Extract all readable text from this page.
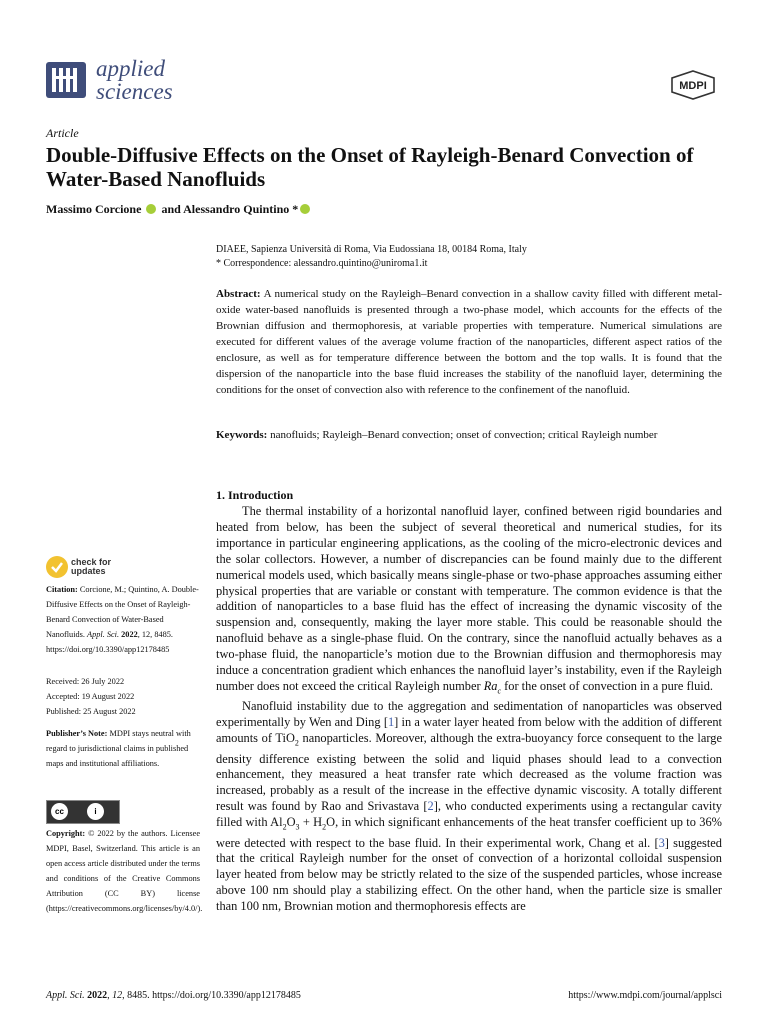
applied
sciences	MDPI
Article
Double-Diffusive Effects on the Onset of Rayleigh-Benard Convection of Water-Based Nanofluids
Massimo Corcione and Alessandro Quintino *
DIAEE, Sapienza Università di Roma, Via Eudossiana 18, 00184 Roma, Italy
* Correspondence: alessandro.quintino@uniroma1.it
Abstract: A numerical study on the Rayleigh–Benard convection in a shallow cavity filled with different metal-oxide water-based nanofluids is presented through a two-phase model, which accounts for the effects of the Brownian diffusion and thermophoresis, at variable properties with temperature. Numerical simulations are executed for different values of the average volume fraction of the nanoparticles, different aspect ratios of the enclosure, as well as for temperature difference between the bottom and the top walls. It is found that the dispersion of the nanoparticle into the base fluid increases the stability of the nanofluid layer, determining the conditions for the onset of convection also with reference to the confinement of the nanofluid.
Keywords: nanofluids; Rayleigh–Benard convection; onset of convection; critical Rayleigh number
1. Introduction

The thermal instability of a horizontal nanofluid layer, confined between rigid boundaries and heated from below, has been the subject of several theoretical and numerical studies, for its importance in particular engineering applications, as the cooling of the micro-electronic devices and the solar collectors. However, a number of discrepancies can be found mainly due to the different numerical models used, which basically means single-phase or two-phase approaches assuming either physical properties that are variable or constant with temperature. The common evidence is that the addition of nanoparticles to a base fluid has the effect of increasing the dynamic viscosity of the suspension and, consequently, making the layer more stable. This could be reasonable should the nanofluid behave as a single-phase fluid. On the contrary, since the nanofluid actually behaves as a two-phase fluid, the nanoparticle’s motion due to the Brownian diffusion and thermophoresis may induce a concentration gradient which enhances the nanofluid layer’s instability, even if the Rayleigh number does not exceed the critical Rayleigh number $Ra_c$ for the onset of convection in a pure fluid.

Nanofluid instability due to the aggregation and sedimentation of nanoparticles was observed experimentally by Wen and Ding [1] in a water layer heated from below with the addition of different amounts of TiO$_2$ nanoparticles. Moreover, although the extra-buoyancy force consequent to the large density difference existing between the solid and liquid phases should lead to a convection enhancement, they measured a heat transfer rate which decreased as the volume fraction was increased, probably as a result of the increase in the effective dynamic viscosity. A totally different result was found by Rao and Srivastava [2], who conducted experiments using a rectangular cavity filled with $Al_2O_3 + H_2O$, in which significant enhancements of the heat transfer coefficient up to 36% were detected with respect to the base fluid. In their experimental work, Chang et al. [3] suggested that the critical Rayleigh number for the onset of convection of a horizontal colloidal suspension layer heated from below may be strictly related to the size of the suspended particles, whose increase above 100 nm should play a stabilizing effect. On the other hand, when the particle size is smaller than 100 nm, Brownian motion and thermophoresis effects are

check for
updates
Citation: Corcione, M.; Quintino, A. Double-Diffusive Effects on the Onset of Rayleigh-Benard Convection of Water-Based Nanofluids. Appl. Sci. 2022, 12, 8485. https://doi.org/10.3390/app12178485
Received: 26 July 2022
Accepted: 19 August 2022
Published: 25 August 2022
Publisher’s Note: MDPI stays neutral with regard to jurisdictional claims in published maps and institutional affiliations.
cc	i
BY
Copyright: © 2022 by the authors. Licensee MDPI, Basel, Switzerland. This article is an open access article distributed under the terms and conditions of the Creative Commons Attribution (CC BY) license (https://creativecommons.org/licenses/by/4.0/).
Appl. Sci. 2022, 12, 8485. https://doi.org/10.3390/app12178485	https://www.mdpi.com/journal/applsci
